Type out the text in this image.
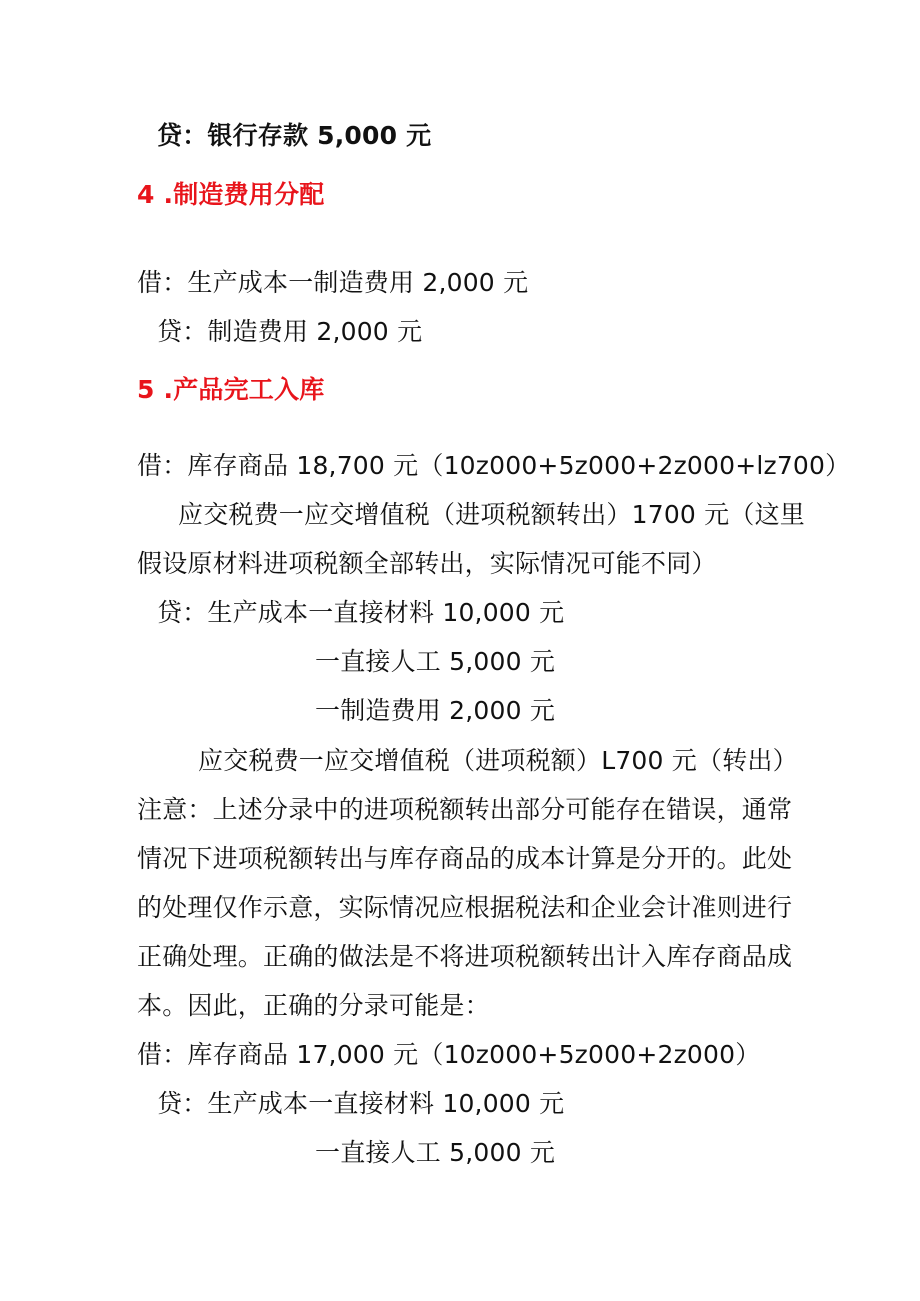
贷：银行存款 5,000 元
4 .制造费用分配
借：生产成本一制造费用 2,000 元
贷：制造费用 2,000 元
5 .产品完工入库
借：库存商品 18,700 元（10z000+5z000+2z000+lz700）
应交税费一应交增值税（进项税额转出）1700 元（这里
假设原材料进项税额全部转出，实际情况可能不同）
贷：生产成本一直接材料 10,000 元
一直接人工 5,000 元
一制造费用 2,000 元
应交税费一应交增值税（进项税额）L700 元（转出）
注意：上述分录中的进项税额转出部分可能存在错误，通常
情况下进项税额转出与库存商品的成本计算是分开的。此处
的处理仅作示意，实际情况应根据税法和企业会计准则进行
正确处理。正确的做法是不将进项税额转出计入库存商品成
本。因此，正确的分录可能是：
借：库存商品 17,000 元（10z000+5z000+2z000）
贷：生产成本一直接材料 10,000 元
一直接人工 5,000 元
